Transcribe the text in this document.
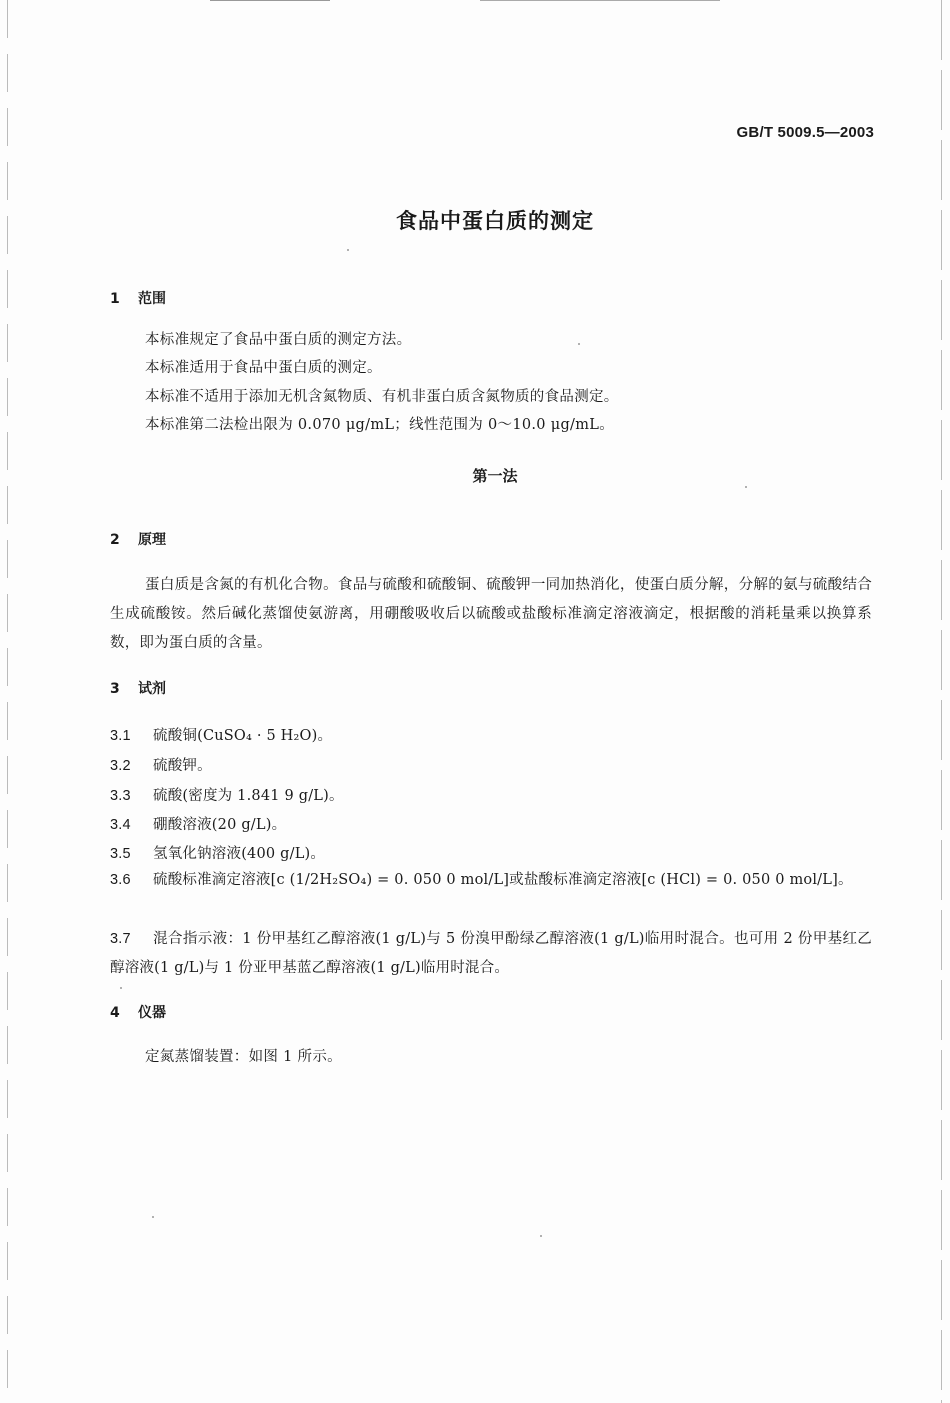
GB/T 5009.5—2003
食品中蛋白质的测定
1 范围
本标准规定了食品中蛋白质的测定方法。
本标准适用于食品中蛋白质的测定。
本标准不适用于添加无机含氮物质、有机非蛋白质含氮物质的食品测定。
本标准第二法检出限为 0.070 μg/mL；线性范围为 0～10.0 μg/mL。
第一法
2 原理
蛋白质是含氮的有机化合物。食品与硫酸和硫酸铜、硫酸钾一同加热消化，使蛋白质分解，分解的氨与硫酸结合生成硫酸铵。然后碱化蒸馏使氨游离，用硼酸吸收后以硫酸或盐酸标准滴定溶液滴定，根据酸的消耗量乘以换算系数，即为蛋白质的含量。
3 试剂
3.1 硫酸铜(CuSO₄ · 5 H₂O)。
3.2 硫酸钾。
3.3 硫酸(密度为 1.841 9 g/L)。
3.4 硼酸溶液(20 g/L)。
3.5 氢氧化钠溶液(400 g/L)。
3.6 硫酸标准滴定溶液[c (1/2H₂SO₄) = 0. 050 0 mol/L]或盐酸标准滴定溶液[c (HCl) = 0. 050 0 mol/L]。
3.7 混合指示液：1 份甲基红乙醇溶液(1 g/L)与 5 份溴甲酚绿乙醇溶液(1 g/L)临用时混合。也可用 2 份甲基红乙醇溶液(1 g/L)与 1 份亚甲基蓝乙醇溶液(1 g/L)临用时混合。
4 仪器
定氮蒸馏装置：如图 1 所示。
